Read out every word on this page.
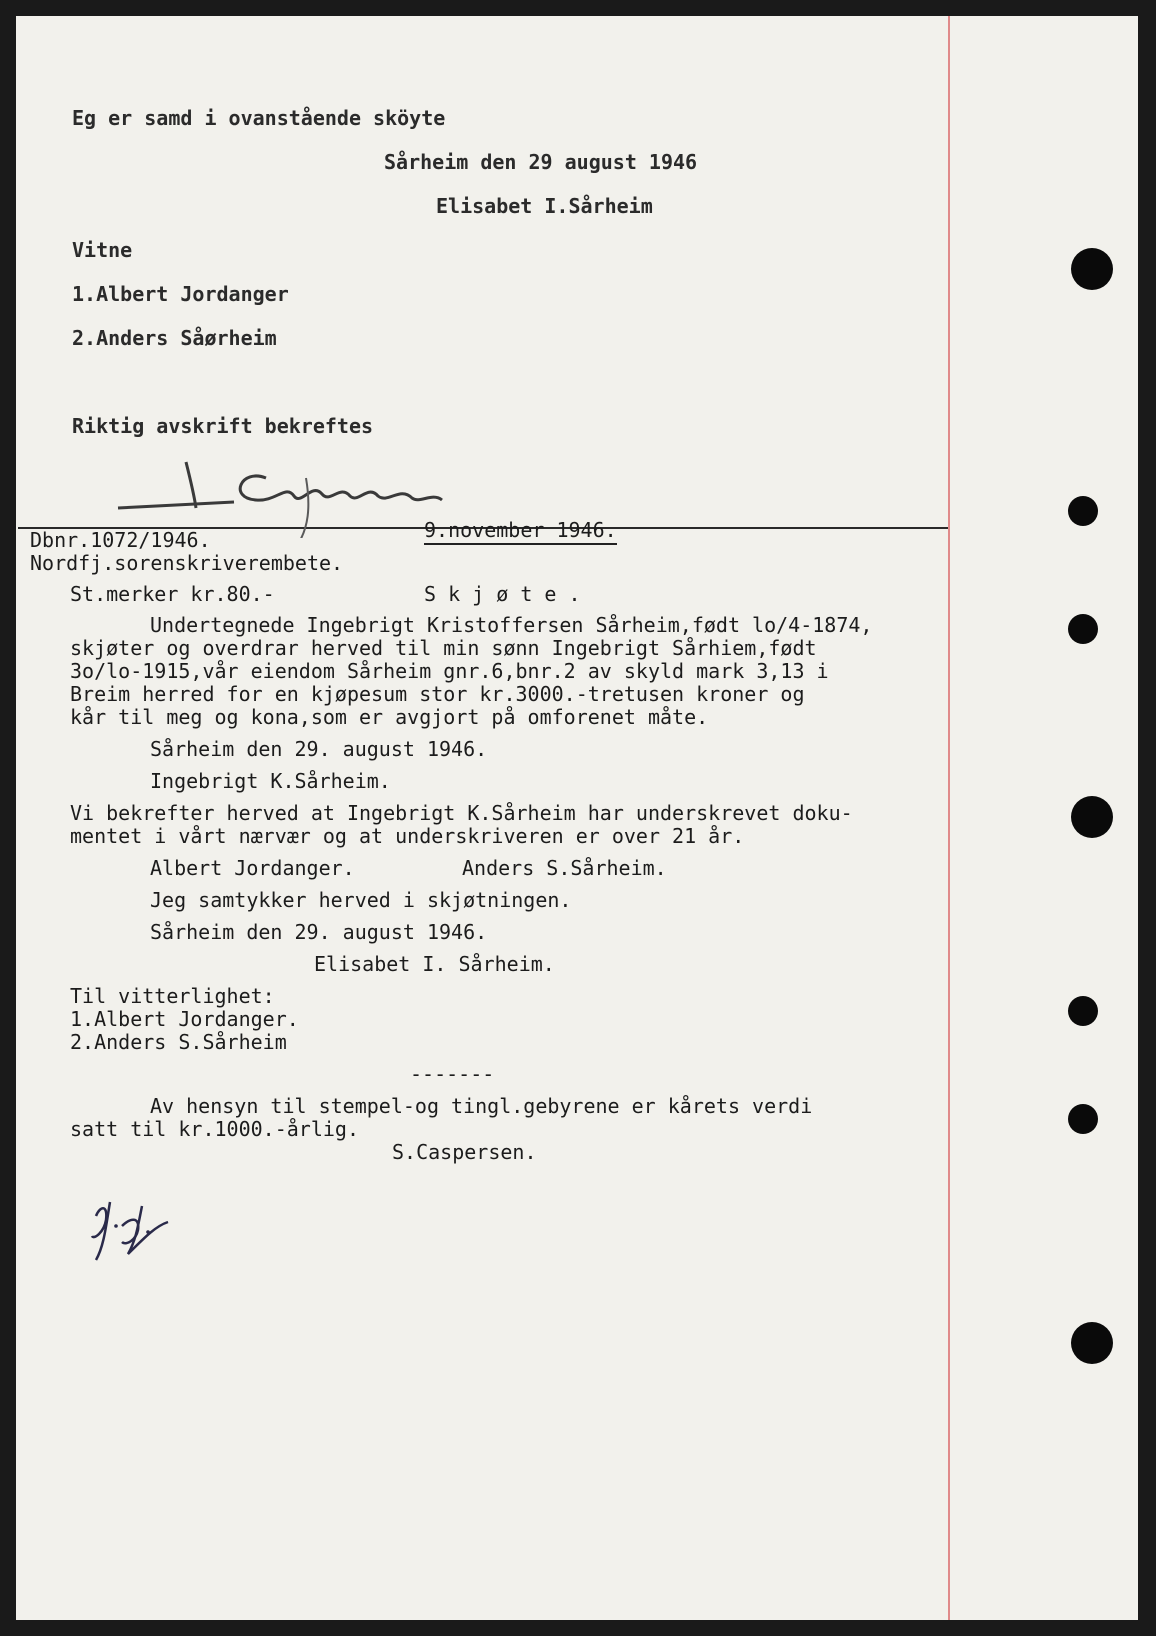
Eg er samd i ovanstående sköyte
Sårheim den 29 august 1946
Elisabet I.Sårheim
Vitne
1.Albert Jordanger
2.Anders Såørheim
Riktig avskrift bekreftes
Dbnr.1072/1946.
Nordfj.sorenskriverembete.
9.november 1946.
St.merker kr.80.-	S k j ø t e .
Undertegnede Ingebrigt Kristoffersen Sårheim,født lo/4-1874,
skjøter og overdrar herved til min sønn Ingebrigt Sårhiem,født
3o/lo-1915,vår eiendom Sårheim gnr.6,bnr.2 av skyld mark 3,13 i
Breim herred for en kjøpesum stor kr.3000.-tretusen kroner og
kår til meg og kona,som er avgjort på omforenet måte.
Sårheim den 29. august 1946.
Ingebrigt K.Sårheim.
Vi bekrefter herved at Ingebrigt K.Sårheim har underskrevet doku-
mentet i vårt nærvær og at underskriveren er over 21 år.
Albert Jordanger.	Anders S.Sårheim.
Jeg samtykker herved i skjøtningen.
Sårheim den 29. august 1946.
Elisabet I. Sårheim.
Til vitterlighet:
1.Albert Jordanger.
2.Anders S.Sårheim
-------
Av hensyn til stempel-og tingl.gebyrene er kårets verdi
satt til kr.1000.-årlig.
S.Caspersen.
